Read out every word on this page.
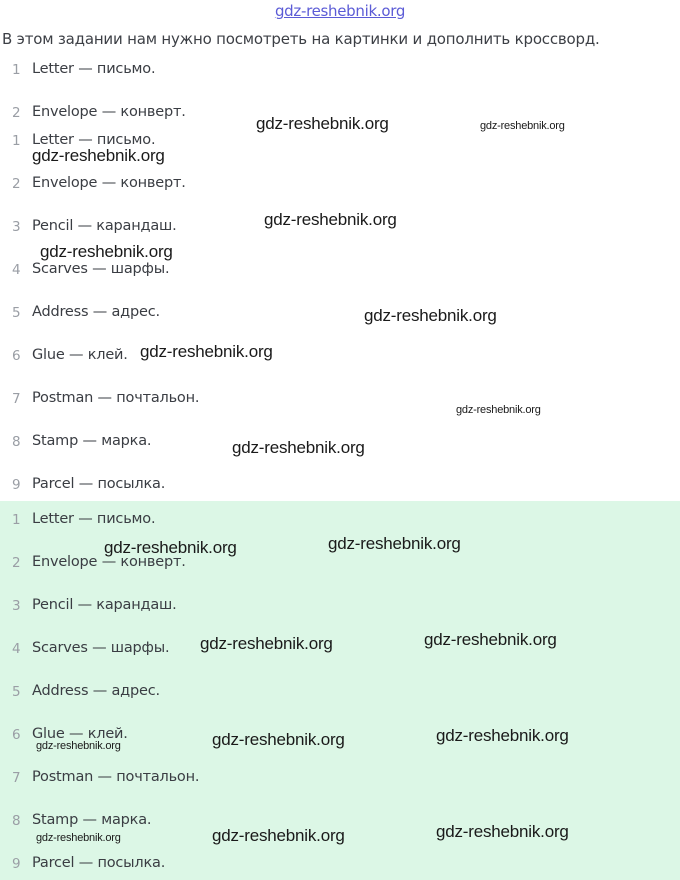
gdz-reshebnik.org
В этом задании нам нужно посмотреть на картинки и дополнить кроссворд.
1 Letter — письмо.
2 Envelope — конверт.
1 Letter — письмо.
2 Envelope — конверт.
3 Pencil — карандаш.
4 Scarves — шарфы.
5 Address — адрес.
6 Glue — клей.
7 Postman — почтальон.
8 Stamp — марка.
9 Parcel — посылка.
1 Letter — письмо.
2 Envelope — конверт.
3 Pencil — карандаш.
4 Scarves — шарфы.
5 Address — адрес.
6 Glue — клей.
7 Postman — почтальон.
8 Stamp — марка.
9 Parcel — посылка.
gdz-reshebnik.org	gdz-reshebnik.org
gdz-reshebnik.org
gdz-reshebnik.org
gdz-reshebnik.org
gdz-reshebnik.org
gdz-reshebnik.org
gdz-reshebnik.org
gdz-reshebnik.org
gdz-reshebnik.org	gdz-reshebnik.org
gdz-reshebnik.org	gdz-reshebnik.org
gdz-reshebnik.org	gdz-reshebnik.org	gdz-reshebnik.org
gdz-reshebnik.org	gdz-reshebnik.org	gdz-reshebnik.org
